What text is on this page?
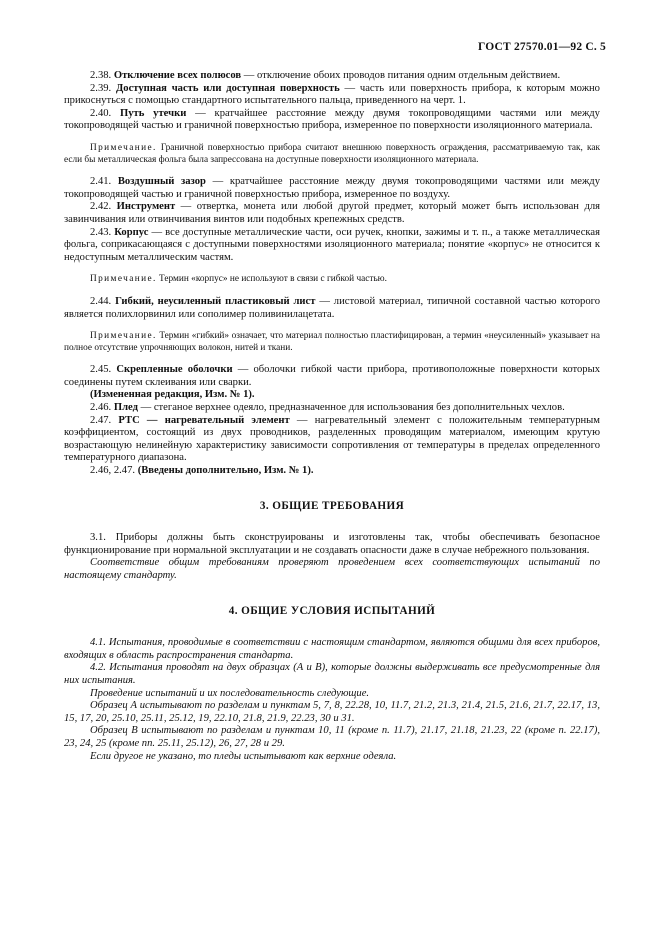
ГОСТ 27570.01—92 С. 5

2.38. Отключение всех полюсов — отключение обоих проводов питания одним отдельным действием.

2.39. Доступная часть или доступная поверхность — часть или поверхность прибора, к которым можно прикоснуться с помощью стандартного испытательного пальца, приведенного на черт. 1.

2.40. Путь утечки — кратчайшее расстояние между двумя токопроводящими частями или между токопроводящей частью и граничной поверхностью прибора, измеренное по поверхности изоляционного материала.

Примечание. Граничной поверхностью прибора считают внешнюю поверхность ограждения, рассматриваемую так, как если бы металлическая фольга была запрессована на доступные поверхности изоляционного материала.

2.41. Воздушный зазор — кратчайшее расстояние между двумя токопроводящими частями или между токопроводящей частью и граничной поверхностью прибора, измеренное по воздуху.

2.42. Инструмент — отвертка, монета или любой другой предмет, который может быть использован для завинчивания или отвинчивания винтов или подобных крепежных средств.

2.43. Корпус — все доступные металлические части, оси ручек, кнопки, зажимы и т. п., а также металлическая фольга, соприкасающаяся с доступными поверхностями изоляционного материала; понятие «корпус» не относится к недоступным металлическим частям.

Примечание. Термин «корпус» не используют в связи с гибкой частью.

2.44. Гибкий, неусиленный пластиковый лист — листовой материал, типичной составной частью которого является полихлорвинил или сополимер поливинилацетата.

Примечание. Термин «гибкий» означает, что материал полностью пластифицирован, а термин «неусиленный» указывает на полное отсутствие упрочняющих волокон, нитей и ткани.

2.45. Скрепленные оболочки — оболочки гибкой части прибора, противоположные поверхности которых соединены путем склеивания или сварки.

(Измененная редакция, Изм. № 1).

2.46. Плед — стеганое верхнее одеяло, предназначенное для использования без дополнительных чехлов.

2.47. РТС — нагревательный элемент — нагревательный элемент с положительным температурным коэффициентом, состоящий из двух проводников, разделенных проводящим материалом, имеющим крутую возрастающую нелинейную характеристику зависимости сопротивления от температуры в пределах определенного температурного диапазона.

2.46, 2.47. (Введены дополнительно, Изм. № 1).

3. ОБЩИЕ ТРЕБОВАНИЯ

3.1. Приборы должны быть сконструированы и изготовлены так, чтобы обеспечивать безопасное функционирование при нормальной эксплуатации и не создавать опасности даже в случае небрежного пользования.

Соответствие общим требованиям проверяют проведением всех соответствующих испытаний по настоящему стандарту.

4. ОБЩИЕ УСЛОВИЯ ИСПЫТАНИЙ

4.1. Испытания, проводимые в соответствии с настоящим стандартом, являются общими для всех приборов, входящих в область распространения стандарта.

4.2. Испытания проводят на двух образцах (А и В), которые должны выдерживать все предусмотренные для них испытания.

Проведение испытаний и их последовательность следующие.

Образец А испытывают по разделам и пунктам 5, 7, 8, 22.28, 10, 11.7, 21.2, 21.3, 21.4, 21.5, 21.6, 21.7, 22.17, 13, 15, 17, 20, 25.10, 25.11, 25.12, 19, 22.10, 21.8, 21.9, 22.23, 30 и 31.

Образец В испытывают по разделам и пунктам 10, 11 (кроме п. 11.7), 21.17, 21.18, 21.23, 22 (кроме п. 22.17), 23, 24, 25 (кроме пп. 25.11, 25.12), 26, 27, 28 и 29.

Если другое не указано, то пледы испытывают как верхние одеяла.
